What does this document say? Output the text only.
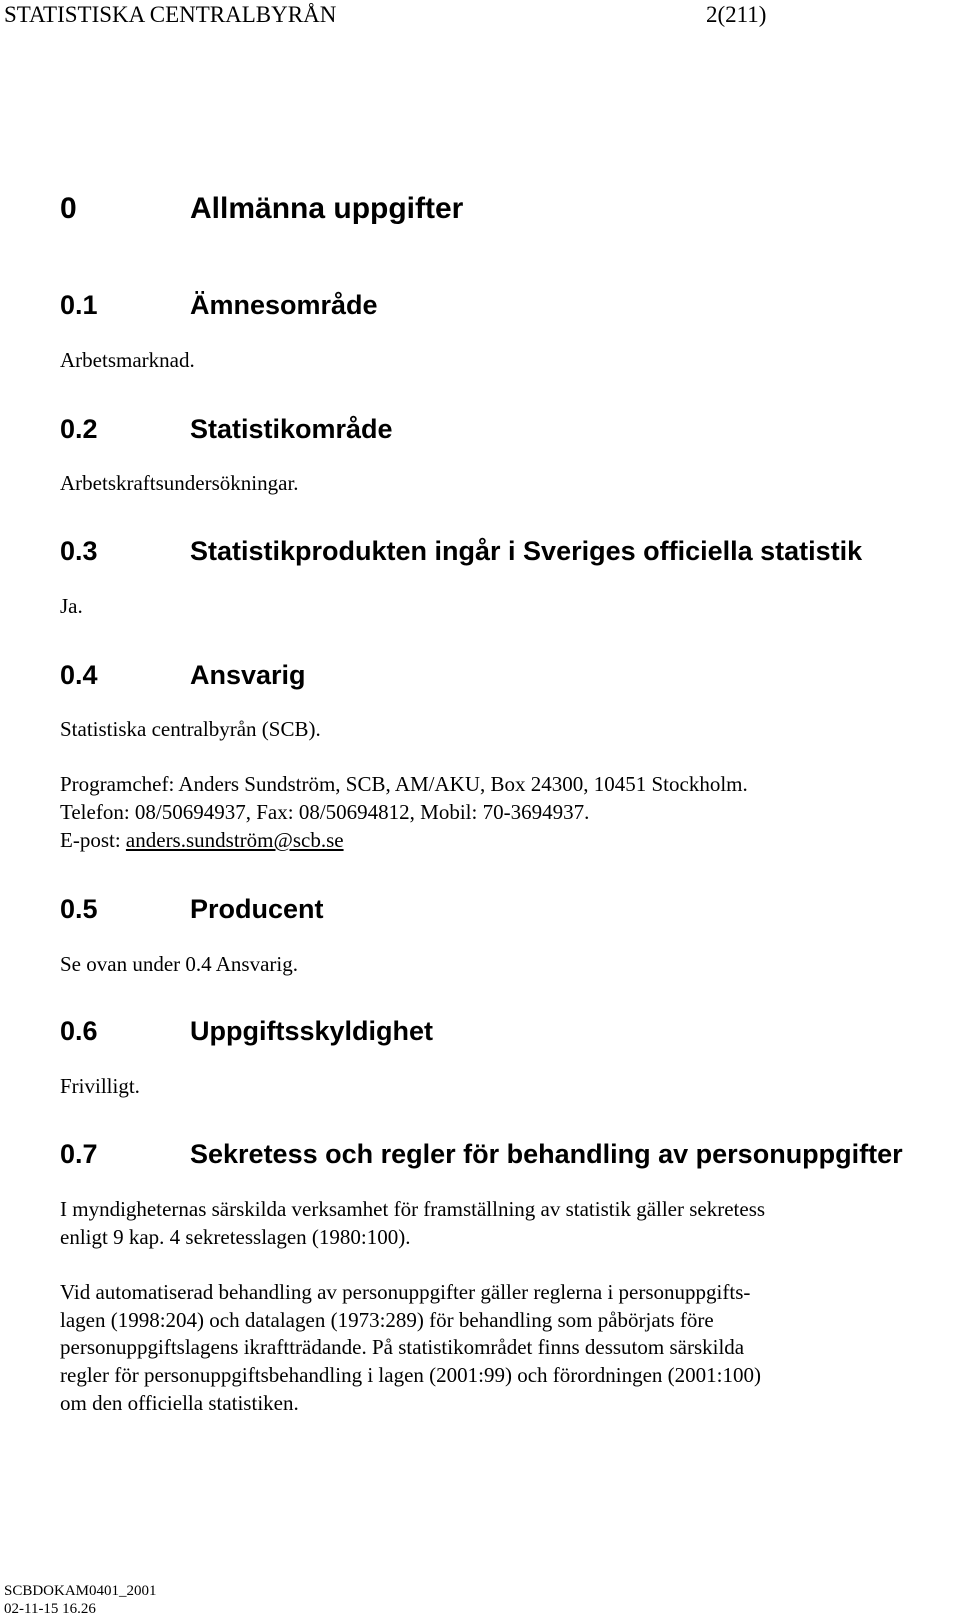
STATISTISKA CENTRALBYRÅN	2(211)
0	Allmänna uppgifter
0.1	Ämnesområde
Arbetsmarknad.
0.2	Statistikområde
Arbetskraftsundersökningar.
0.3	Statistikprodukten ingår i Sveriges officiella statistik
Ja.
0.4	Ansvarig
Statistiska centralbyrån (SCB).
Programchef: Anders Sundström, SCB, AM/AKU, Box 24300, 10451 Stockholm.
Telefon: 08/50694937, Fax: 08/50694812, Mobil: 70-3694937.
E-post: anders.sundström@scb.se
0.5	Producent
Se ovan under 0.4 Ansvarig.
0.6	Uppgiftsskyldighet
Frivilligt.
0.7	Sekretess och regler för behandling av personuppgifter
I myndigheternas särskilda verksamhet för framställning av statistik gäller sekretess
enligt 9 kap. 4 sekretesslagen (1980:100).
Vid automatiserad behandling av personuppgifter gäller reglerna i personuppgifts-
lagen (1998:204) och datalagen (1973:289) för behandling som påbörjats före
personuppgiftslagens ikraftträdande. På statistikområdet finns dessutom särskilda
regler för personuppgiftsbehandling i lagen (2001:99) och förordningen (2001:100)
om den officiella statistiken.
SCBDOKAM0401_2001
02-11-15 16.26
